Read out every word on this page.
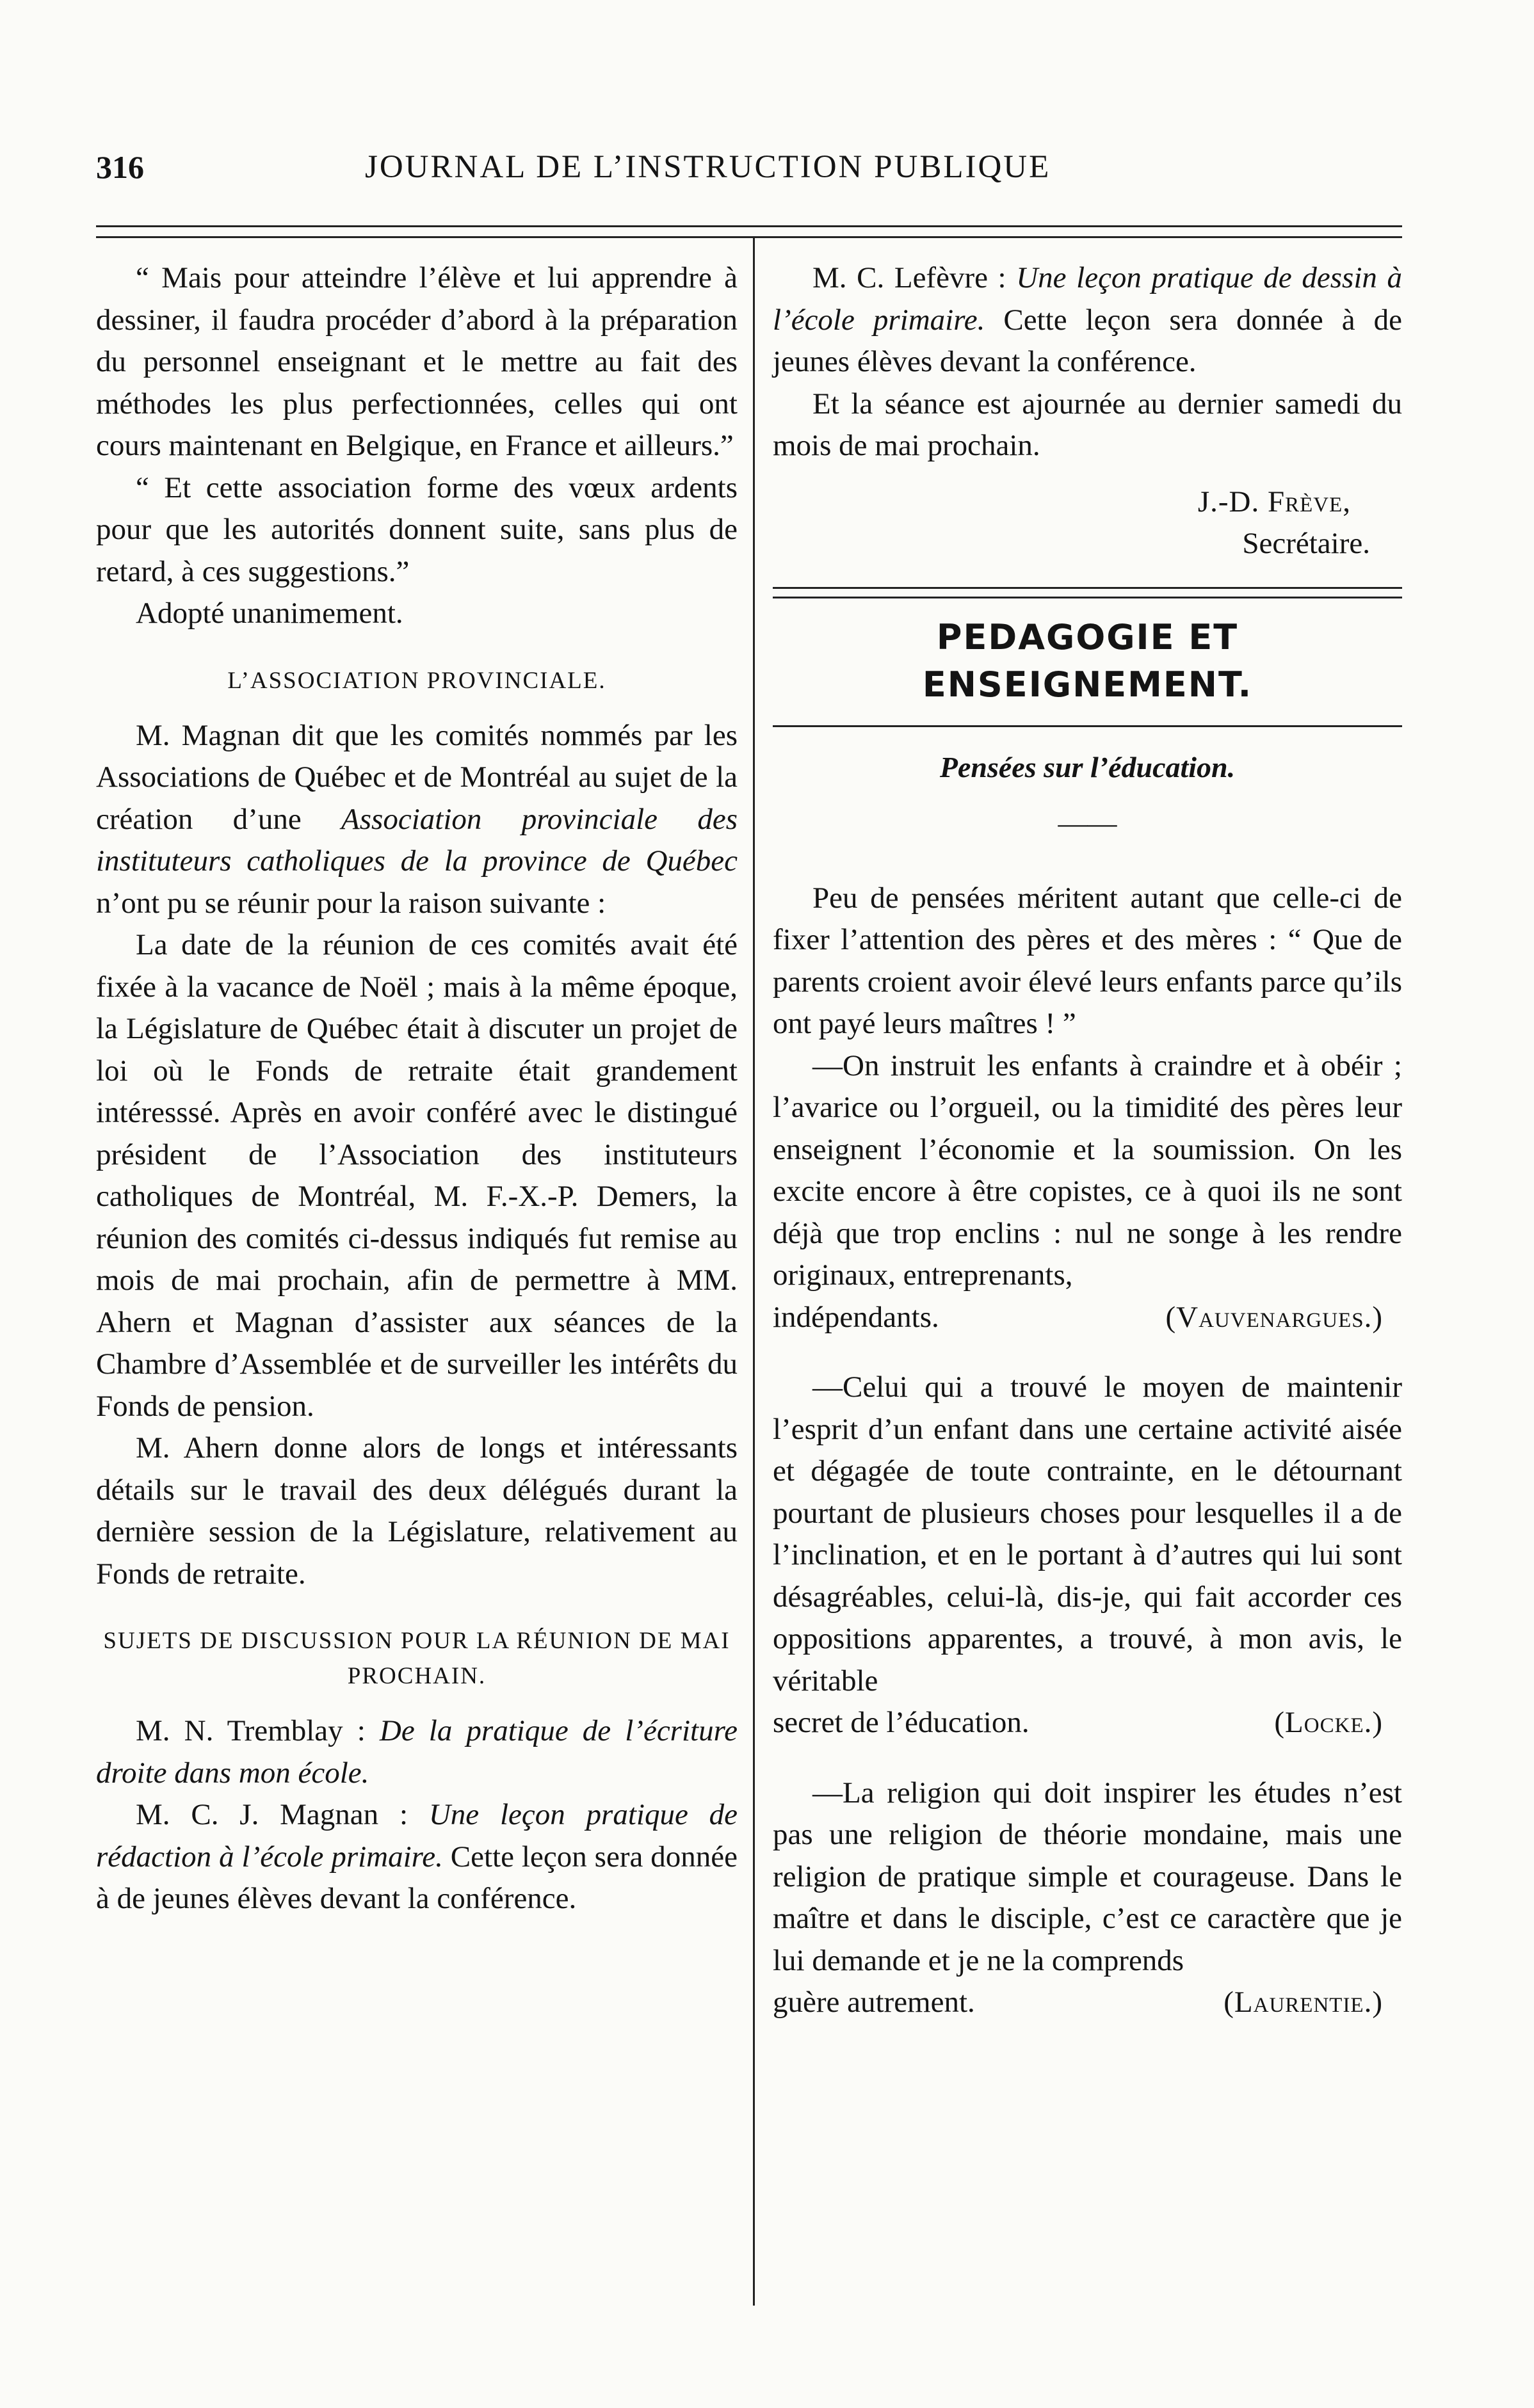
316	JOURNAL DE L’INSTRUCTION PUBLIQUE

“ Mais pour atteindre l’élève et lui apprendre à dessiner, il faudra procéder d’abord à la préparation du personnel enseignant et le mettre au fait des méthodes les plus perfectionnées, celles qui ont cours maintenant en Belgique, en France et ailleurs.”

“ Et cette association forme des vœux ardents pour que les autorités donnent suite, sans plus de retard, à ces suggestions.”

Adopté unanimement.

L’ASSOCIATION PROVINCIALE.

M. Magnan dit que les comités nommés par les Associations de Québec et de Montréal au sujet de la création d’une Association provinciale des instituteurs catholiques de la province de Québec n’ont pu se réunir pour la raison suivante :

La date de la réunion de ces comités avait été fixée à la vacance de Noël ; mais à la même époque, la Législature de Québec était à discuter un projet de loi où le Fonds de retraite était grandement intéresssé. Après en avoir conféré avec le distingué président de l’Association des instituteurs catholiques de Montréal, M. F.-X.-P. Demers, la réunion des comités ci-dessus indiqués fut remise au mois de mai prochain, afin de permettre à MM. Ahern et Magnan d’assister aux séances de la Chambre d’Assemblée et de surveiller les intérêts du Fonds de pension.

M. Ahern donne alors de longs et intéressants détails sur le travail des deux délégués durant la dernière session de la Législature, relativement au Fonds de retraite.

SUJETS DE DISCUSSION POUR LA RÉUNION DE MAI PROCHAIN.

M. N. Tremblay : De la pratique de l’écriture droite dans mon école.

M. C. J. Magnan : Une leçon pratique de rédaction à l’école primaire. Cette leçon sera donnée à de jeunes élèves devant la conférence.

M. C. Lefèvre : Une leçon pratique de dessin à l’école primaire. Cette leçon sera donnée à de jeunes élèves devant la conférence.

Et la séance est ajournée au dernier samedi du mois de mai prochain.

J.-D. Frève,
Secrétaire.
PEDAGOGIE ET ENSEIGNEMENT.
Pensées sur l’éducation.
——

Peu de pensées méritent autant que celle-ci de fixer l’attention des pères et des mères : “ Que de parents croient avoir élevé leurs enfants parce qu’ils ont payé leurs maîtres ! ”

—On instruit les enfants à craindre et à obéir ; l’avarice ou l’orgueil, ou la timidité des pères leur enseignent l’économie et la soumission. On les excite encore à être copistes, ce à quoi ils ne sont déjà que trop enclins : nul ne songe à les rendre originaux, entreprenants,

indépendants.	(Vauvenargues.)

—Celui qui a trouvé le moyen de maintenir l’esprit d’un enfant dans une certaine activité aisée et dégagée de toute contrainte, en le détournant pourtant de plusieurs choses pour lesquelles il a de l’inclination, et en le portant à d’autres qui lui sont désagréables, celui-là, dis-je, qui fait accorder ces oppositions apparentes, a trouvé, à mon avis, le véritable

secret de l’éducation.	(Locke.)

—La religion qui doit inspirer les études n’est pas une religion de théorie mondaine, mais une religion de pratique simple et courageuse. Dans le maître et dans le disciple, c’est ce caractère que je lui demande et je ne la comprends

guère autrement.	(Laurentie.)
